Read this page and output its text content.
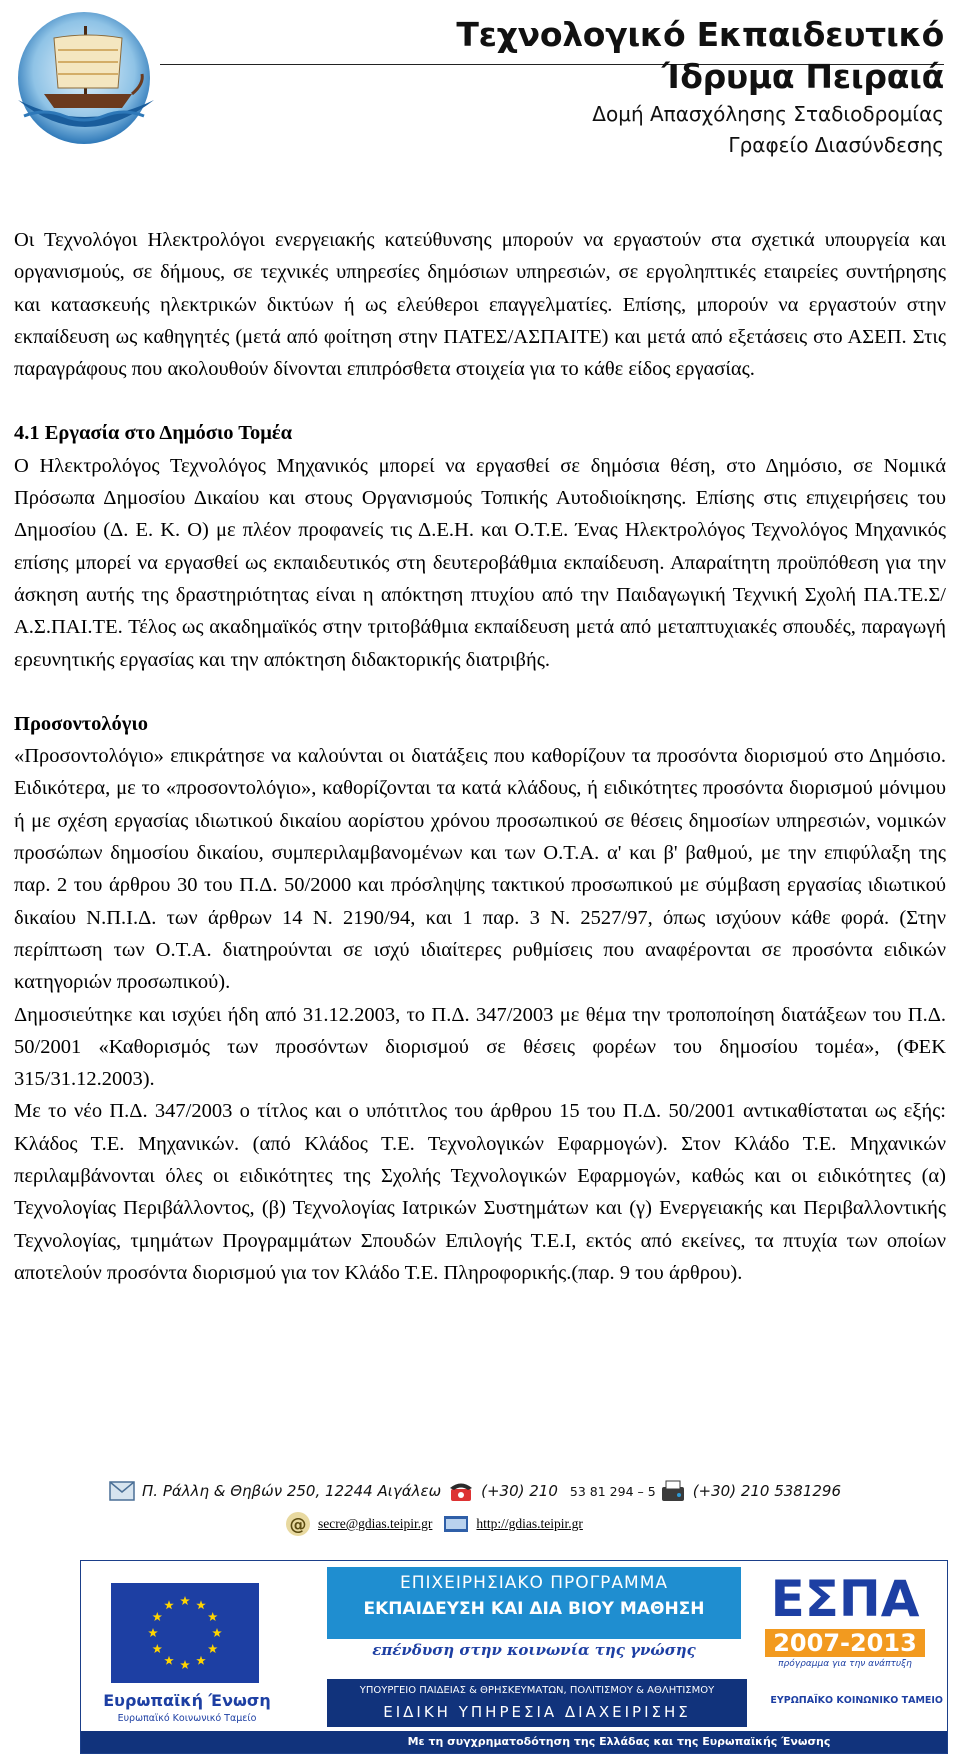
Τεχνολογικό Εκπαιδευτικό
Ίδρυμα Πειραιά
Δομή Απασχόλησης Σταδιοδρομίας
Γραφείο Διασύνδεσης

Οι Τεχνολόγοι Ηλεκτρολόγοι ενεργειακής κατεύθυνσης μπορούν να εργαστούν στα σχετικά υπουργεία και οργανισμούς, σε δήμους, σε τεχνικές υπηρεσίες δημόσιων υπηρεσιών, σε εργοληπτικές εταιρείες συντήρησης και κατασκευής ηλεκτρικών δικτύων ή ως ελεύθεροι επαγγελματίες. Επίσης, μπορούν να εργαστούν στην εκπαίδευση ως καθηγητές (μετά από φοίτηση στην ΠΑΤΕΣ/ΑΣΠΑΙΤΕ) και μετά από εξετάσεις στο ΑΣΕΠ. Στις παραγράφους που ακολουθούν δίνονται επιπρόσθετα στοιχεία για το κάθε είδος εργασίας.

4.1 Εργασία στο Δημόσιο Τομέα

Ο Ηλεκτρολόγος Τεχνολόγος Μηχανικός μπορεί να εργασθεί σε δημόσια θέση, στο Δημόσιο, σε Νομικά Πρόσωπα Δημοσίου Δικαίου και στους Οργανισμούς Τοπικής Αυτοδιοίκησης. Επίσης στις επιχειρήσεις του Δημοσίου (Δ. Ε. Κ. Ο) με πλέον προφανείς τις Δ.Ε.Η. και Ο.Τ.Ε. Ένας Ηλεκτρολόγος Τεχνολόγος Μηχανικός επίσης μπορεί να εργασθεί ως εκπαιδευτικός στη δευτεροβάθμια εκπαίδευση. Απαραίτητη προϋπόθεση για την άσκηση αυτής της δραστηριότητας είναι η απόκτηση πτυχίου από την Παιδαγωγική Τεχνική Σχολή ΠΑ.ΤΕ.Σ/Α.Σ.ΠΑΙ.ΤΕ. Τέλος ως ακαδημαϊκός στην τριτοβάθμια εκπαίδευση μετά από μεταπτυχιακές σπουδές, παραγωγή ερευνητικής εργασίας και την απόκτηση διδακτορικής διατριβής.

Προσοντολόγιο

«Προσοντολόγιο» επικράτησε να καλούνται οι διατάξεις που καθορίζουν τα προσόντα διορισμού στο Δημόσιο. Ειδικότερα, με το «προσοντολόγιο», καθορίζονται τα κατά κλάδους, ή ειδικότητες προσόντα διορισμού μόνιμου ή με σχέση εργασίας ιδιωτικού δικαίου αορίστου χρόνου προσωπικού σε θέσεις δημοσίων υπηρεσιών, νομικών προσώπων δημοσίου δικαίου, συμπεριλαμβανομένων και των Ο.Τ.Α. α' και β' βαθμού, με την επιφύλαξη της παρ. 2 του άρθρου 30 του Π.Δ. 50/2000 και πρόσληψης τακτικού προσωπικού με σύμβαση εργασίας ιδιωτικού δικαίου Ν.Π.Ι.Δ. των άρθρων 14 Ν. 2190/94, και 1 παρ. 3 Ν. 2527/97, όπως ισχύουν κάθε φορά. (Στην περίπτωση των Ο.Τ.Α. διατηρούνται σε ισχύ ιδιαίτερες ρυθμίσεις που αναφέρονται σε προσόντα ειδικών κατηγοριών προσωπικού).

Δημοσιεύτηκε και ισχύει ήδη από 31.12.2003, το Π.Δ. 347/2003 με θέμα την τροποποίηση διατάξεων του Π.Δ. 50/2001 «Καθορισμός των προσόντων διορισμού σε θέσεις φορέων του δημοσίου τομέα», (ΦΕΚ 315/31.12.2003).

Με το νέο Π.Δ. 347/2003 ο τίτλος και ο υπότιτλος του άρθρου 15 του Π.Δ. 50/2001 αντικαθίσταται ως εξής: Κλάδος Τ.Ε. Μηχανικών. (από Κλάδος Τ.Ε. Τεχνολογικών Εφαρμογών). Στον Κλάδο Τ.Ε. Μηχανικών περιλαμβάνονται όλες οι ειδικότητες της Σχολής Τεχνολογικών Εφαρμογών, καθώς και οι ειδικότητες (α) Τεχνολογίας Περιβάλλοντος, (β) Τεχνολογίας Ιατρικών Συστημάτων και (γ) Ενεργειακής και Περιβαλλοντικής Τεχνολογίας, τμημάτων Προγραμμάτων Σπουδών Επιλογής Τ.Ε.Ι, εκτός από εκείνες, τα πτυχία των οποίων αποτελούν προσόντα διορισμού για τον Κλάδο Τ.Ε. Πληροφορικής.(παρ. 9 του άρθρου).

Π. Ράλλη & Θηβών 250, 12244 Αιγάλεω	(+30) 210 53 81 294 – 5 (+30) 210 5381296
@ secre@gdias.teipir.gr	http://gdias.teipir.gr
Ευρωπαϊκή Ένωση
Ευρωπαϊκό Κοινωνικό Ταμείο
ΕΠΙΧΕΙΡΗΣΙΑΚΟ ΠΡΟΓΡΑΜΜΑ
ΕΚΠΑΙΔΕΥΣΗ ΚΑΙ ΔΙΑ ΒΙΟΥ ΜΑΘΗΣΗ
επένδυση στην κοινωνία της γνώσης
ΥΠΟΥΡΓΕΙΟ ΠΑΙΔΕΙΑΣ & ΘΡΗΣΚΕΥΜΑΤΩΝ, ΠΟΛΙΤΙΣΜΟΥ & ΑΘΛΗΤΙΣΜΟΥ
ΕΙΔΙΚΗ ΥΠΗΡΕΣΙΑ ΔΙΑΧΕΙΡΙΣΗΣ
ΕΣΠΑ
2007-2013
πρόγραμμα για την ανάπτυξη
ΕΥΡΩΠΑΪΚΟ ΚΟΙΝΩΝΙΚΟ ΤΑΜΕΙΟ
Με τη συγχρηματοδότηση της Ελλάδας και της Ευρωπαϊκής Ένωσης
